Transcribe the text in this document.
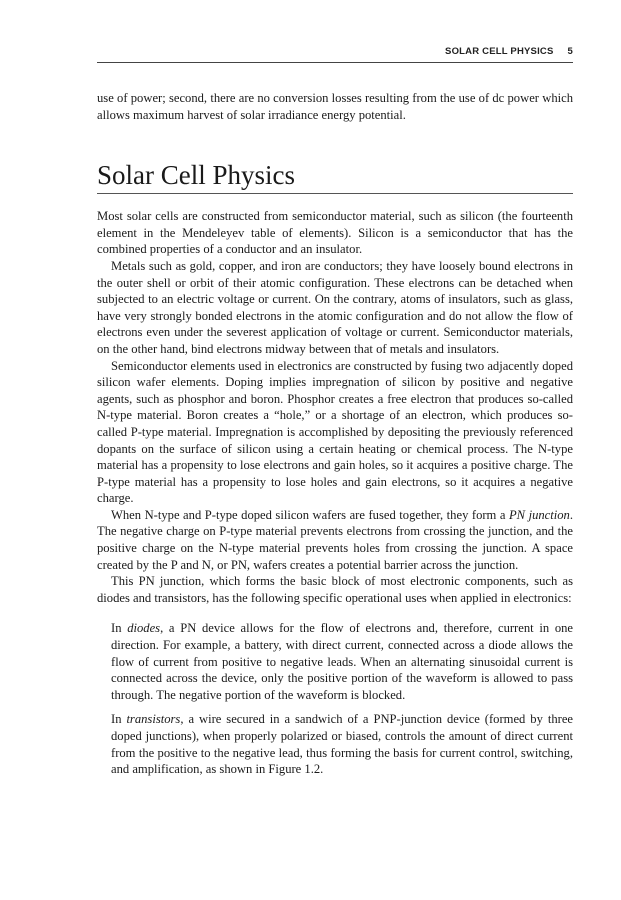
SOLAR CELL PHYSICS 5

use of power; second, there are no conversion losses resulting from the use of dc power which allows maximum harvest of solar irradiance energy potential.

Solar Cell Physics

Most solar cells are constructed from semiconductor material, such as silicon (the fourteenth element in the Mendeleyev table of elements). Silicon is a semiconductor that has the combined properties of a conductor and an insulator.

Metals such as gold, copper, and iron are conductors; they have loosely bound electrons in the outer shell or orbit of their atomic configuration. These electrons can be detached when subjected to an electric voltage or current. On the contrary, atoms of insulators, such as glass, have very strongly bonded electrons in the atomic configuration and do not allow the flow of electrons even under the severest application of voltage or current. Semiconductor materials, on the other hand, bind electrons midway between that of metals and insulators.

Semiconductor elements used in electronics are constructed by fusing two adjacently doped silicon wafer elements. Doping implies impregnation of silicon by positive and negative agents, such as phosphor and boron. Phosphor creates a free electron that produces so-called N-type material. Boron creates a “hole,” or a shortage of an electron, which produces so-called P-type material. Impregnation is accomplished by depositing the previously referenced dopants on the surface of silicon using a certain heating or chemical process. The N-type material has a propensity to lose electrons and gain holes, so it acquires a positive charge. The P-type material has a propensity to lose holes and gain electrons, so it acquires a negative charge.

When N-type and P-type doped silicon wafers are fused together, they form a PN junction. The negative charge on P-type material prevents electrons from crossing the junction, and the positive charge on the N-type material prevents holes from crossing the junction. A space created by the P and N, or PN, wafers creates a potential barrier across the junction.

This PN junction, which forms the basic block of most electronic components, such as diodes and transistors, has the following specific operational uses when applied in electronics:

In diodes, a PN device allows for the flow of electrons and, therefore, current in one direction. For example, a battery, with direct current, connected across a diode allows the flow of current from positive to negative leads. When an alternating sinusoidal current is connected across the device, only the positive portion of the waveform is allowed to pass through. The negative portion of the waveform is blocked.

In transistors, a wire secured in a sandwich of a PNP-junction device (formed by three doped junctions), when properly polarized or biased, controls the amount of direct current from the positive to the negative lead, thus forming the basis for current control, switching, and amplification, as shown in Figure 1.2.
